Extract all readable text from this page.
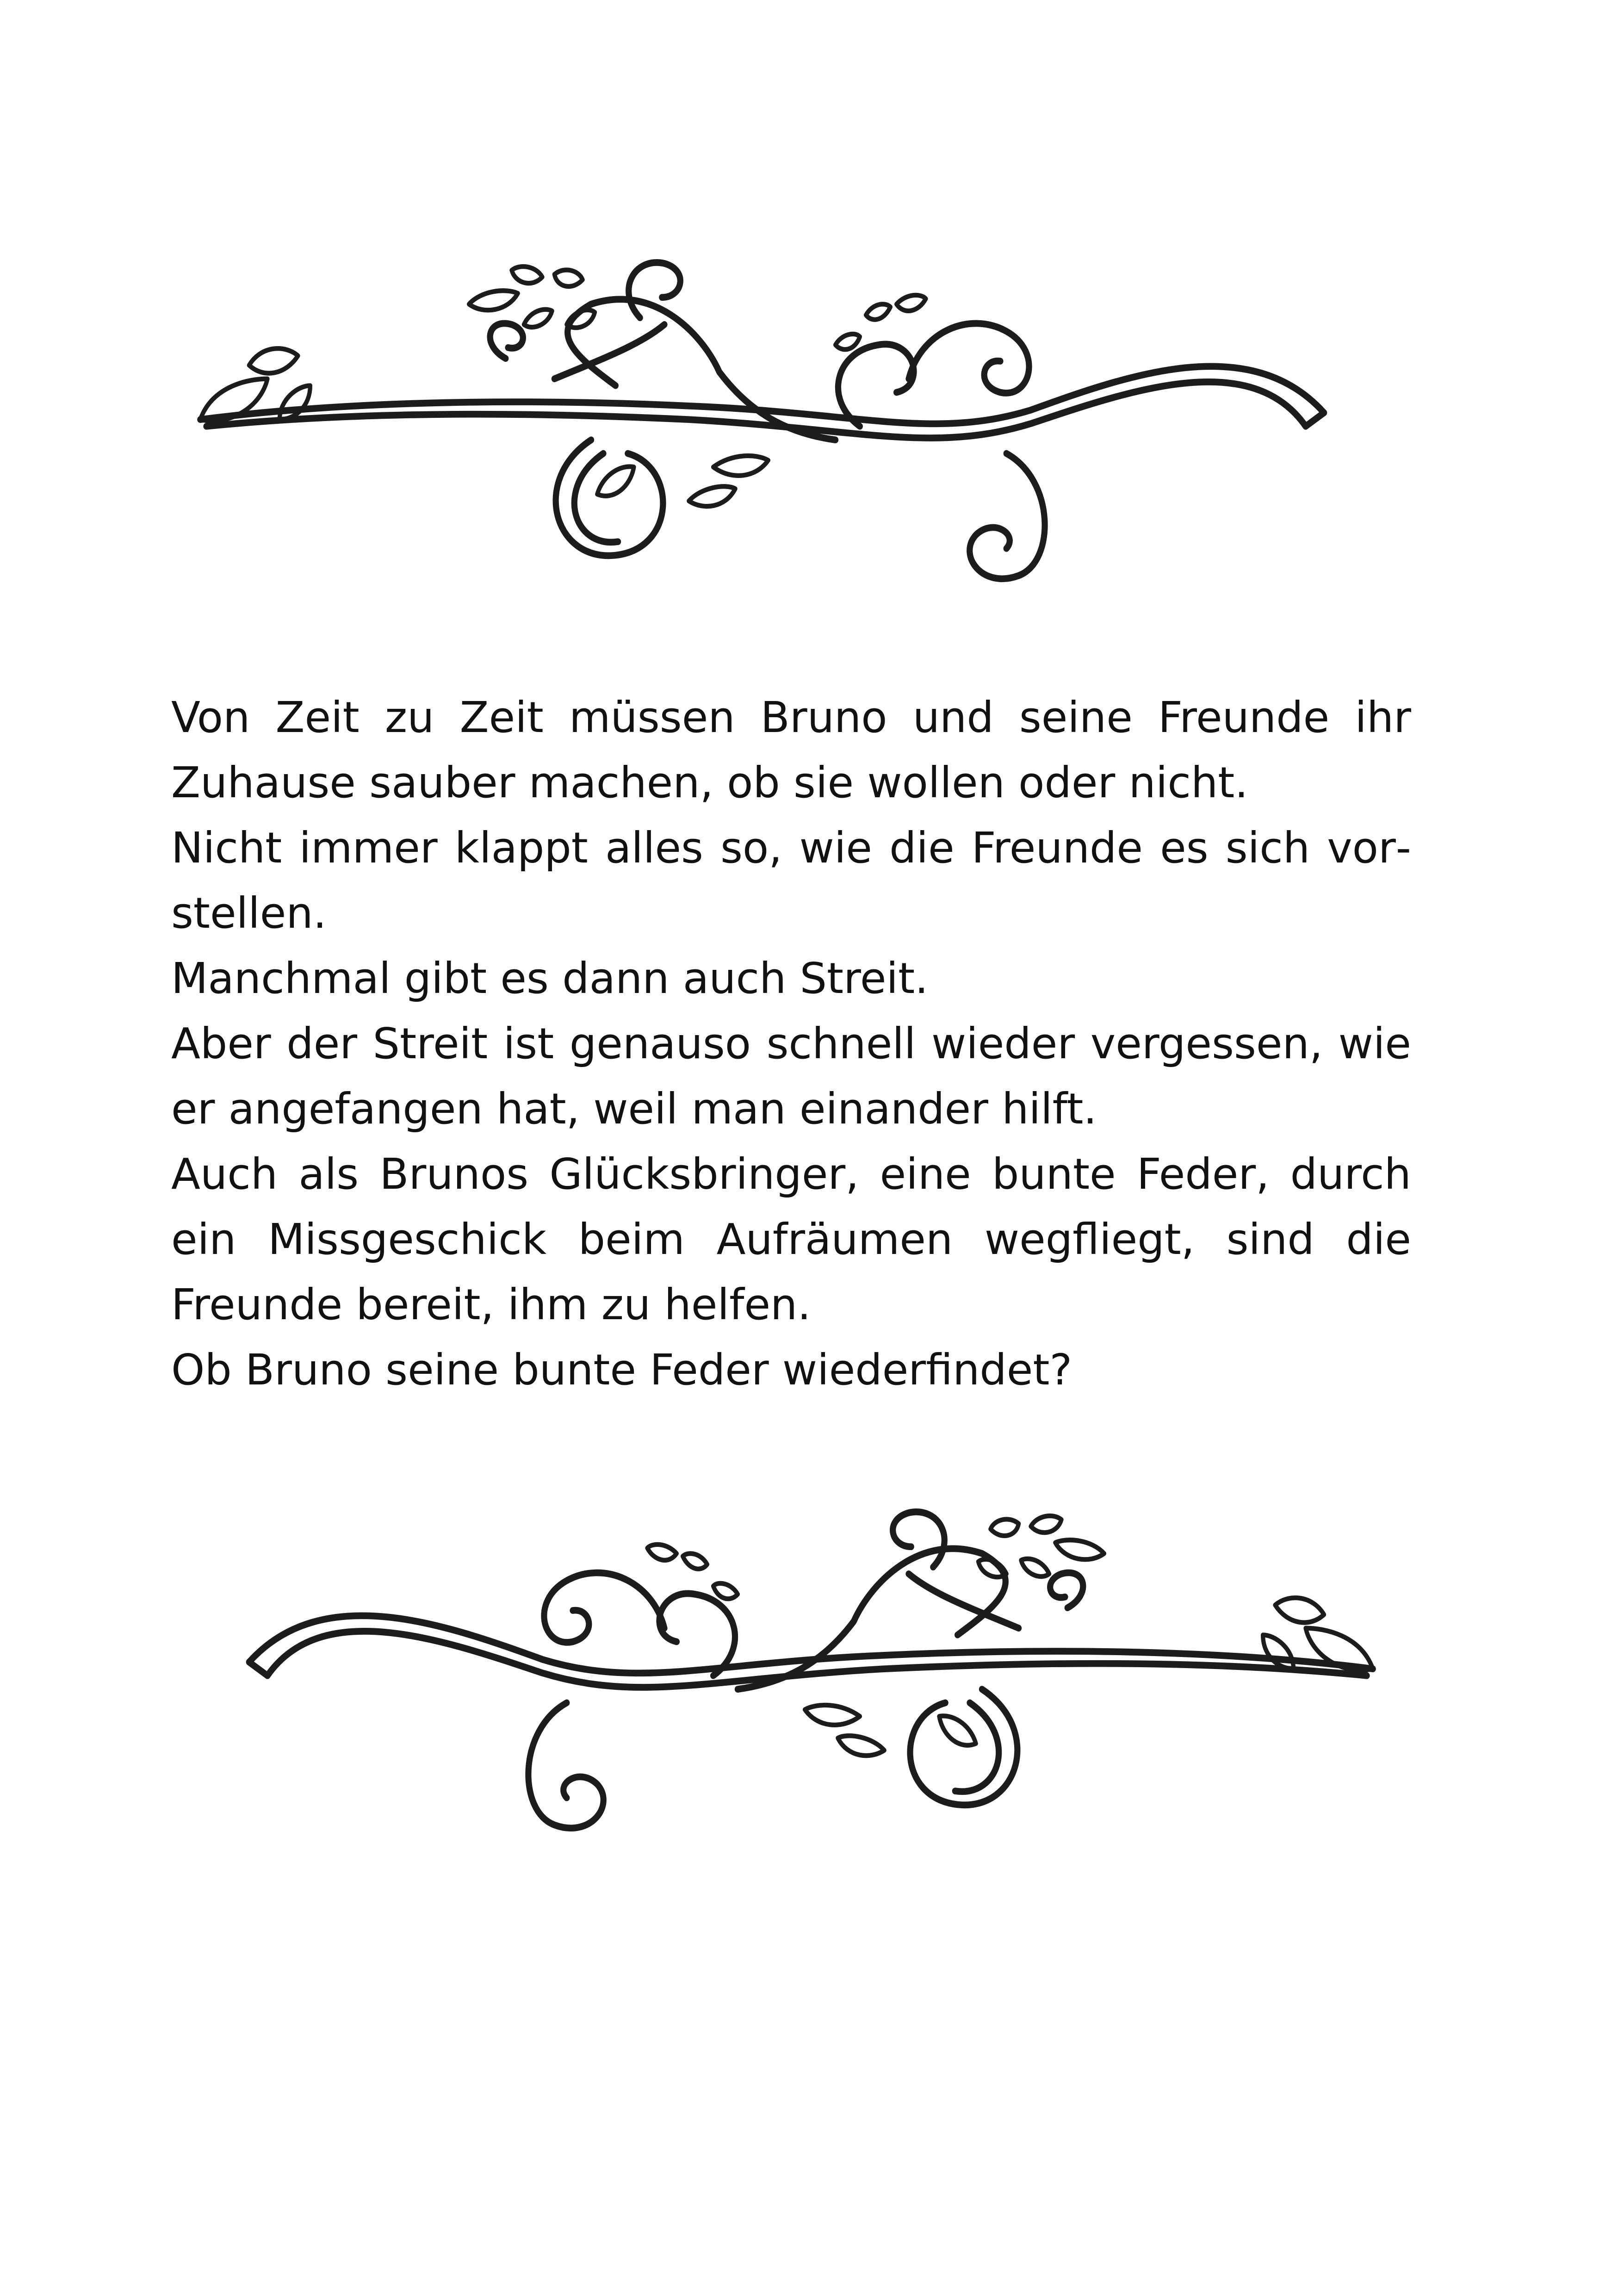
Von Zeit zu Zeit müssen Bruno und seine Freunde ihr Zuhause sauber machen, ob sie wollen oder nicht.

Nicht immer klappt alles so, wie die Freunde es sich vorstellen.

Manchmal gibt es dann auch Streit.

Aber der Streit ist genauso schnell wieder vergessen, wie er angefangen hat, weil man einander hilft.

Auch als Brunos Glücksbringer, eine bunte Feder, durch ein Missgeschick beim Aufräumen wegfliegt, sind die Freunde bereit, ihm zu helfen.

Ob Bruno seine bunte Feder wiederfindet?
